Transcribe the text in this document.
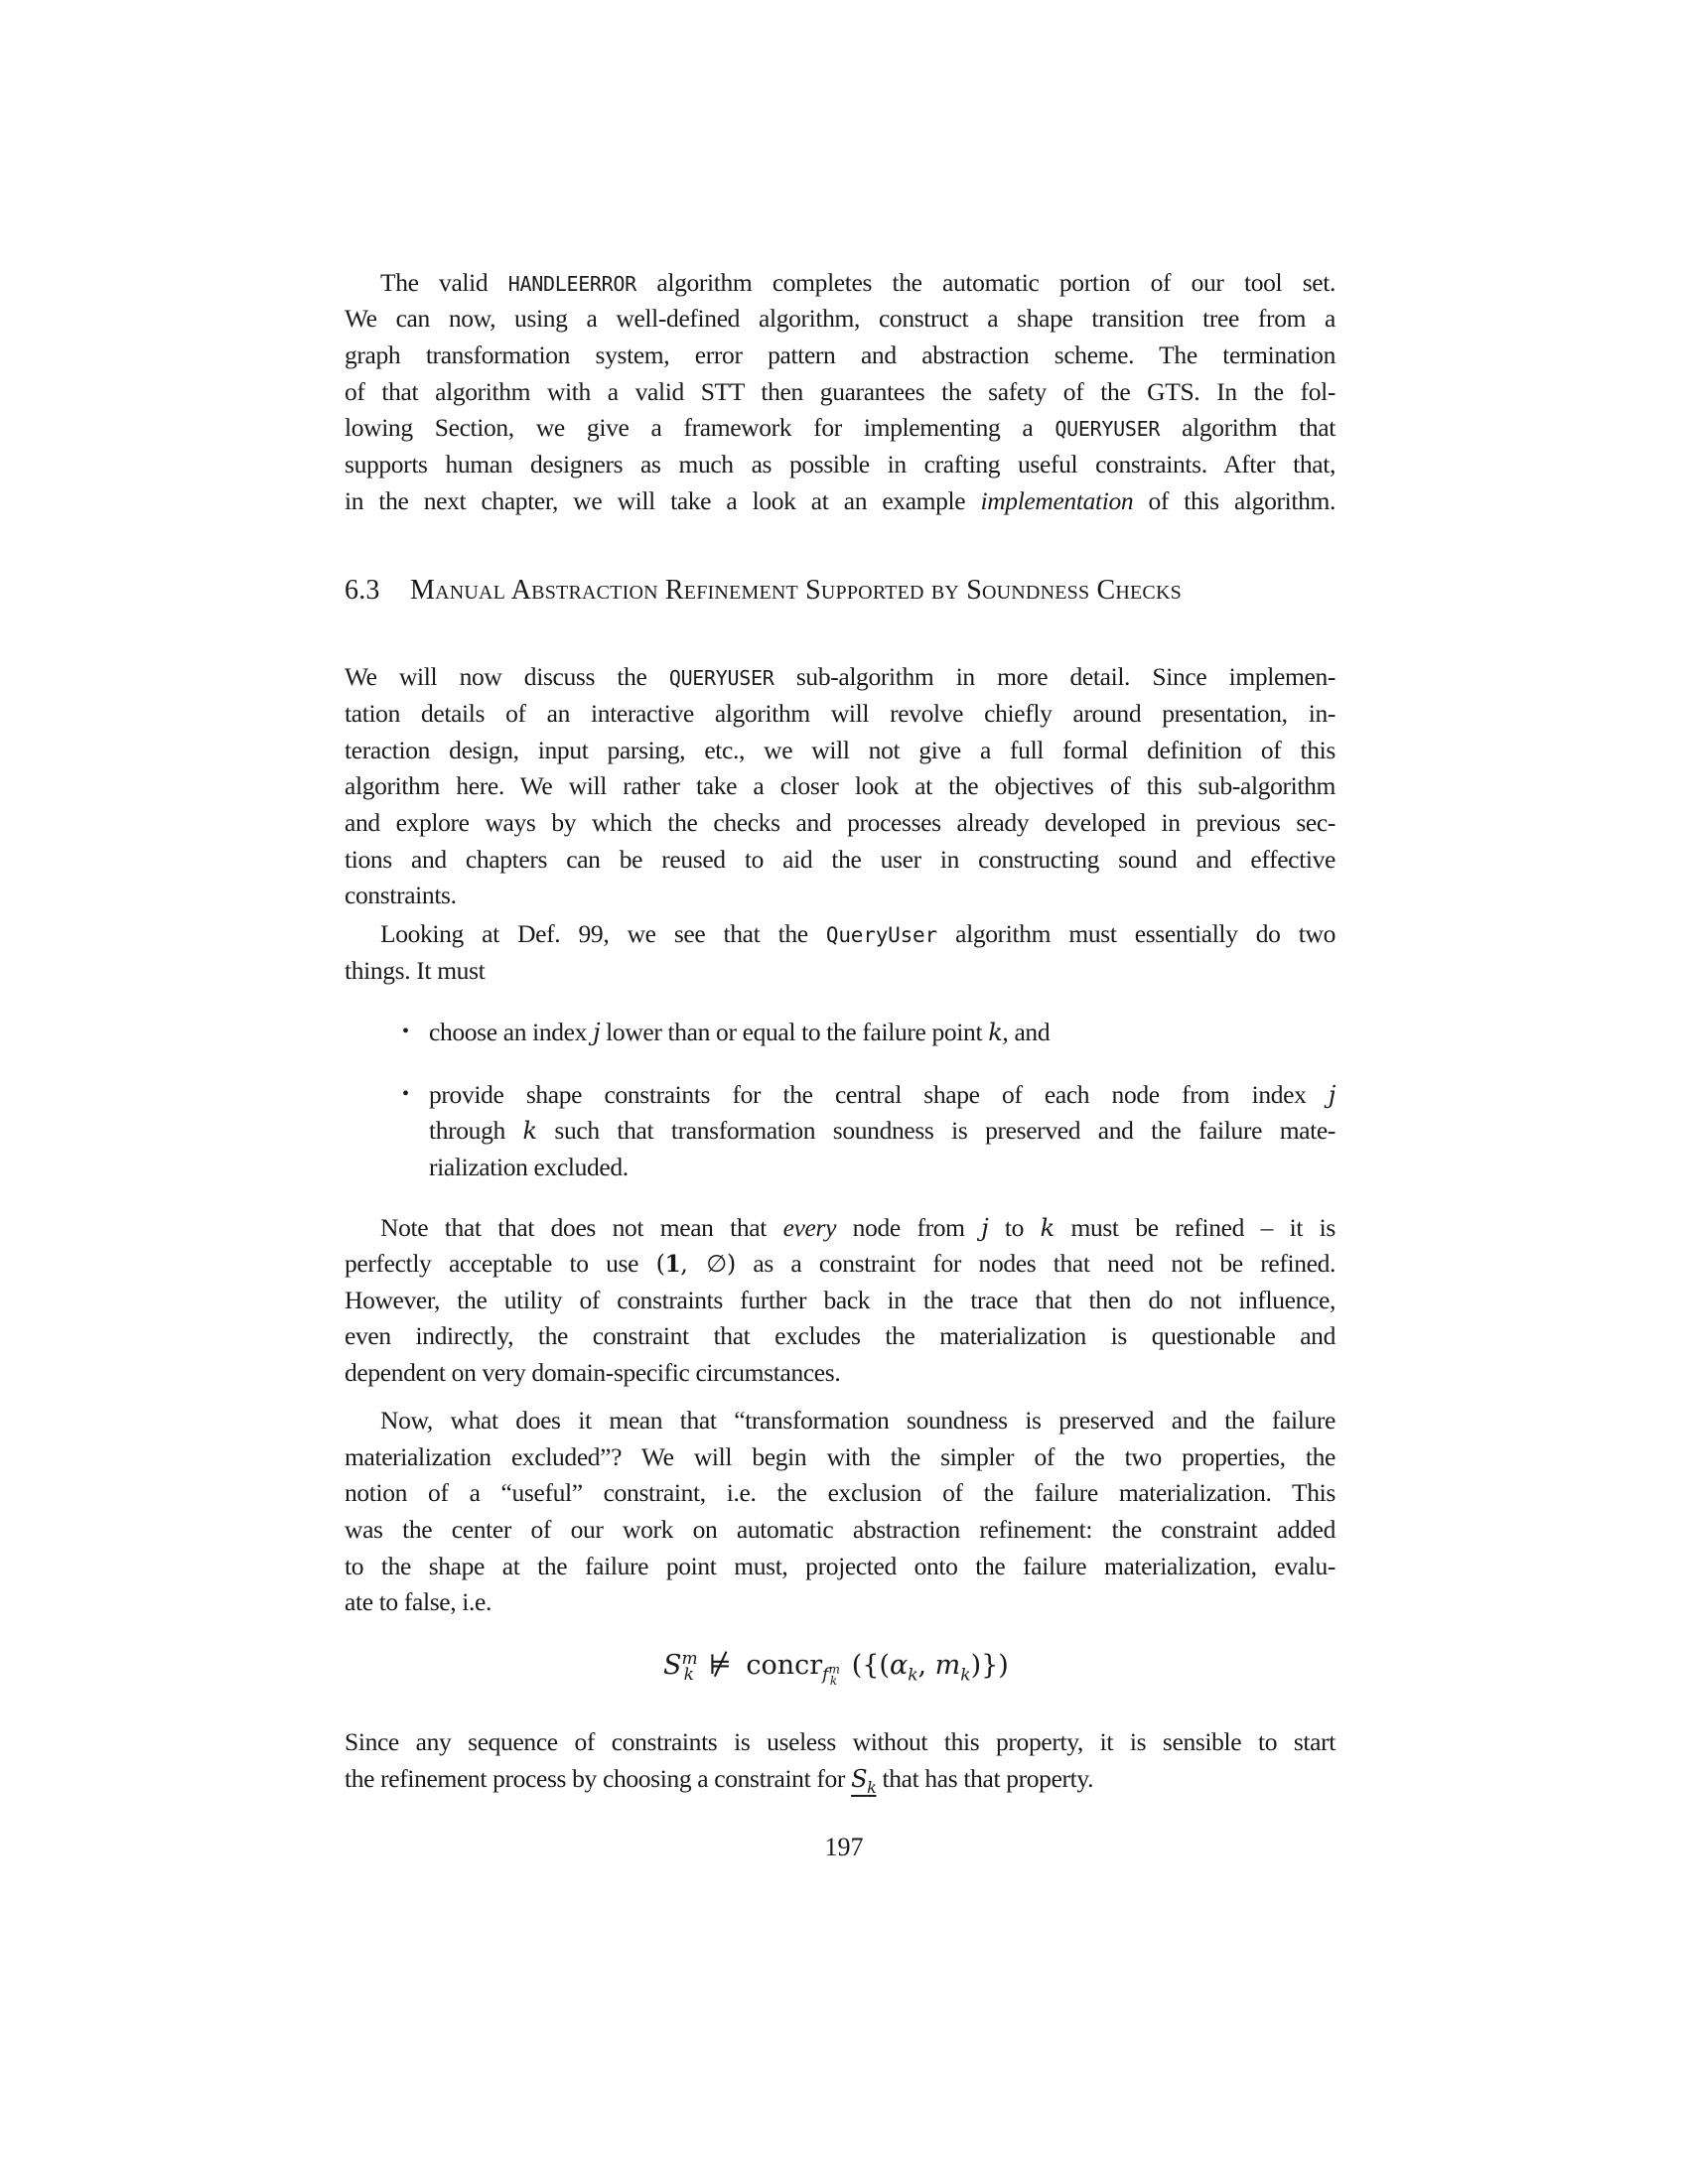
The valid HANDLEERROR algorithm completes the automatic portion of our tool set.
We can now, using a well-defined algorithm, construct a shape transition tree from a
graph transformation system, error pattern and abstraction scheme. The termination
of that algorithm with a valid STT then guarantees the safety of the GTS. In the fol-
lowing Section, we give a framework for implementing a QUERYUSER algorithm that
supports human designers as much as possible in crafting useful constraints. After that,
in the next chapter, we will take a look at an example implementation of this algorithm.
6.3 Manual Abstraction Refinement Supported by Soundness Checks
We will now discuss the QUERYUSER sub-algorithm in more detail. Since implemen-
tation details of an interactive algorithm will revolve chiefly around presentation, in-
teraction design, input parsing, etc., we will not give a full formal definition of this
algorithm here. We will rather take a closer look at the objectives of this sub-algorithm
and explore ways by which the checks and processes already developed in previous sec-
tions and chapters can be reused to aid the user in constructing sound and effective
constraints.
Looking at Def. 99, we see that the QueryUser algorithm must essentially do two
things. It must
• choose an index j lower than or equal to the failure point k, and
• provide shape constraints for the central shape of each node from index j
through k such that transformation soundness is preserved and the failure mate-
rialization excluded.
Note that that does not mean that every node from j to k must be refined – it is
perfectly acceptable to use (1, ∅) as a constraint for nodes that need not be refined.
However, the utility of constraints further back in the trace that then do not influence,
even indirectly, the constraint that excludes the materialization is questionable and
dependent on very domain-specific circumstances.
Now, what does it mean that “transformation soundness is preserved and the failure
materialization excluded”? We will begin with the simpler of the two properties, the
notion of a “useful” constraint, i.e. the exclusion of the failure materialization. This
was the center of our work on automatic abstraction refinement: the constraint added
to the shape at the failure point must, projected onto the failure materialization, evalu-
ate to false, i.e.
$S^m_k$ ⊭ concr$_{f^m_k}$ ({($\alpha_k$, $m_k$)})
Since any sequence of constraints is useless without this property, it is sensible to start
the refinement process by choosing a constraint for $S_k$ that has that property.
197
